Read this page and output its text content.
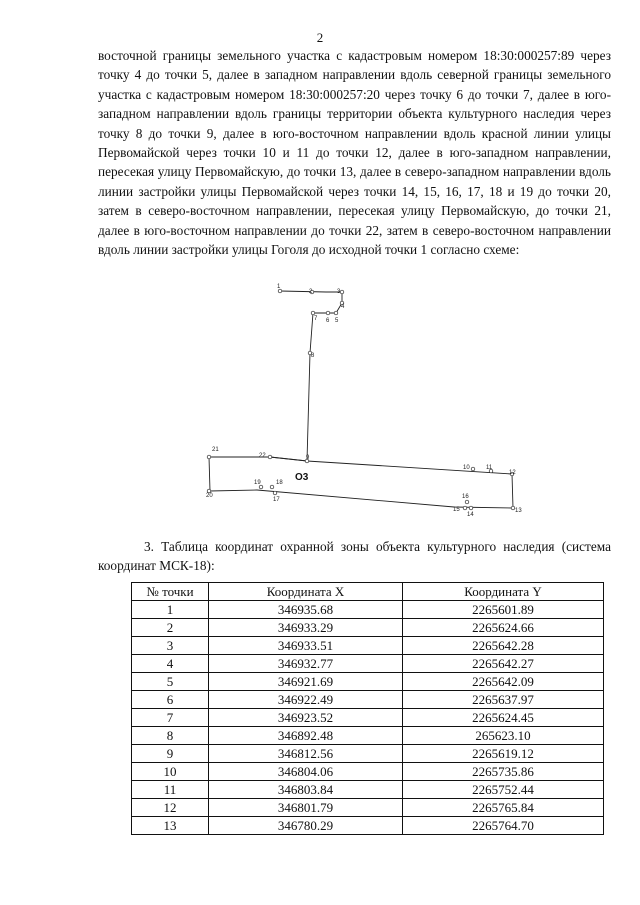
2

восточной границы земельного участка с кадастровым номером 18:30:000257:89 через точку 4 до точки 5, далее в западном направлении вдоль северной границы земельного участка с кадастровым номером 18:30:000257:20 через точку 6 до точки 7, далее в юго-западном направлении вдоль границы территории объекта культурного наследия через точку 8 до точки 9, далее в юго-восточном направлении вдоль красной линии улицы Первомайской через точки 10 и 11 до точки 12, далее в юго-западном направлении, пересекая улицу Первомайскую, до точки 13, далее в северо-западном направлении вдоль линии застройки улицы Первомайской через точки 14, 15, 16, 17, 18 и 19 до точки 20, затем в северо-восточном направлении, пересекая улицу Первомайскую, до точки 21, далее в юго-восточном направлении до точки 22, затем в северо-восточном направлении вдоль линии застройки улицы Гоголя до исходной точки 1 согласно схеме:

1
2	3
4
5
6
7
8
9
10	11
12
13
14
15
16
17
18
19
20
21
22
О3

3. Таблица координат охранной зоны объекта культурного наследия (система координат МСК-18):

№ точки	Координата X	Координата Y
1	346935.68	2265601.89
2	346933.29	2265624.66
3	346933.51	2265642.28
4	346932.77	2265642.27
5	346921.69	2265642.09
6	346922.49	2265637.97
7	346923.52	2265624.45
8	346892.48	265623.10
9	346812.56	2265619.12
10	346804.06	2265735.86
11	346803.84	2265752.44
12	346801.79	2265765.84
13	346780.29	2265764.70
